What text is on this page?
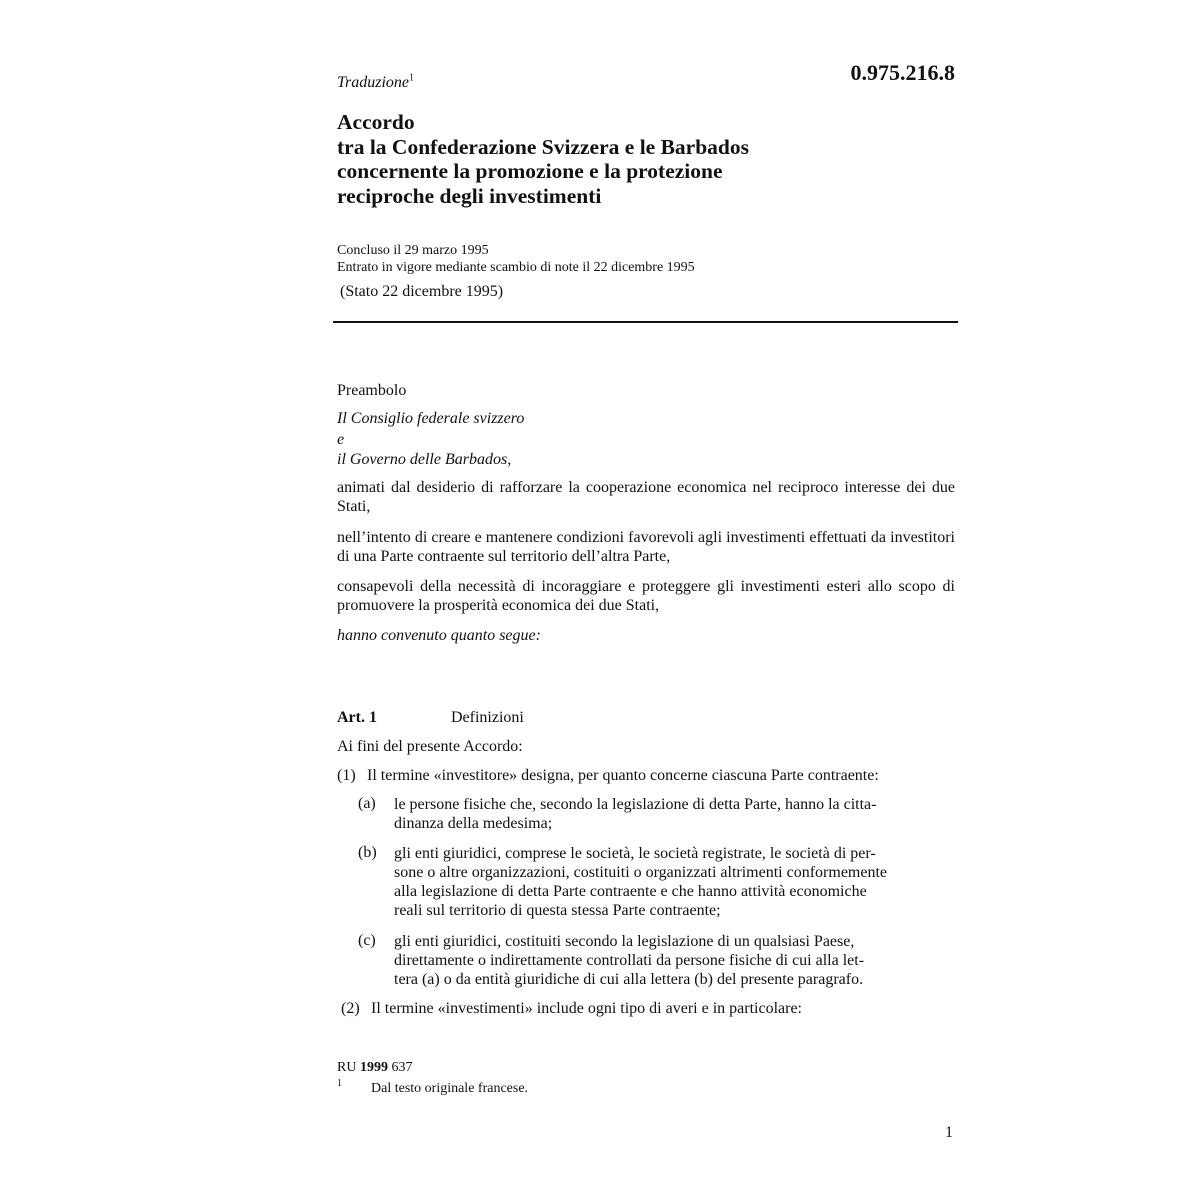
0.975.216.8
Traduzione$^1$
Accordo
tra la Confederazione Svizzera e le Barbados
concernente la promozione e la protezione
reciproche degli investimenti
Concluso il 29 marzo 1995
Entrato in vigore mediante scambio di note il 22 dicembre 1995
(Stato 22 dicembre 1995)
Preambolo
Il Consiglio federale svizzero
e
il Governo delle Barbados,
animati dal desiderio di rafforzare la cooperazione economica nel reciproco interesse dei due Stati,
nell’intento di creare e mantenere condizioni favorevoli agli investimenti effettuati da investitori di una Parte contraente sul territorio dell’altra Parte,
consapevoli della necessità di incoraggiare e proteggere gli investimenti esteri allo scopo di promuovere la prosperità economica dei due Stati,
hanno convenuto quanto segue:
Art. 1	Definizioni
Ai fini del presente Accordo:
(1) Il termine «investitore» designa, per quanto concerne ciascuna Parte contraente:
(a) le persone fisiche che, secondo la legislazione di detta Parte, hanno la citta-
dinanza della medesima;
(b) gli enti giuridici, comprese le società, le società registrate, le società di per-
sone o altre organizzazioni, costituiti o organizzati altrimenti conformemente
alla legislazione di detta Parte contraente e che hanno attività economiche
reali sul territorio di questa stessa Parte contraente;
(c) gli enti giuridici, costituiti secondo la legislazione di un qualsiasi Paese,
direttamente o indirettamente controllati da persone fisiche di cui alla let-
tera (a) o da entità giuridiche di cui alla lettera (b) del presente paragrafo.
(2) Il termine «investimenti» include ogni tipo di averi e in particolare:
RU 1999 637
1 Dal testo originale francese.
1
